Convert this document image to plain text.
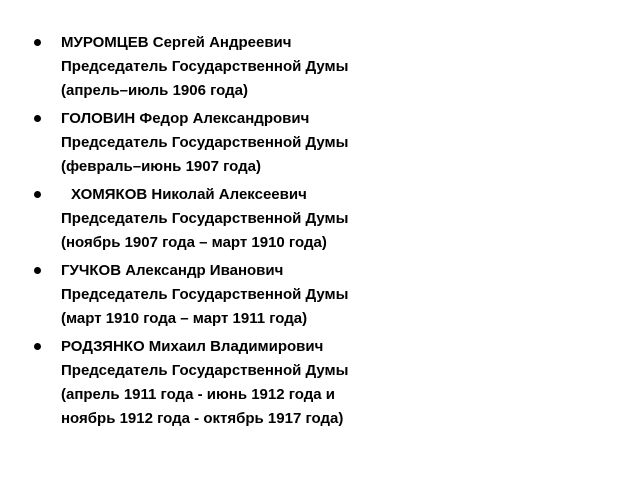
МУРОМЦЕВ Сергей Андреевич
Председатель Государственной Думы
(апрель–июль 1906 года)
ГОЛОВИН Федор Александрович
Председатель Государственной Думы
(февраль–июнь 1907 года)
ХОМЯКОВ Николай Алексеевич
Председатель Государственной Думы
(ноябрь 1907 года – март 1910 года)
ГУЧКОВ Александр Иванович
Председатель Государственной Думы
(март 1910 года – март 1911 года)
РОДЗЯНКО Михаил Владимирович
Председатель Государственной Думы
(апрель 1911 года - июнь 1912 года и
ноябрь 1912 года - октябрь 1917 года)
